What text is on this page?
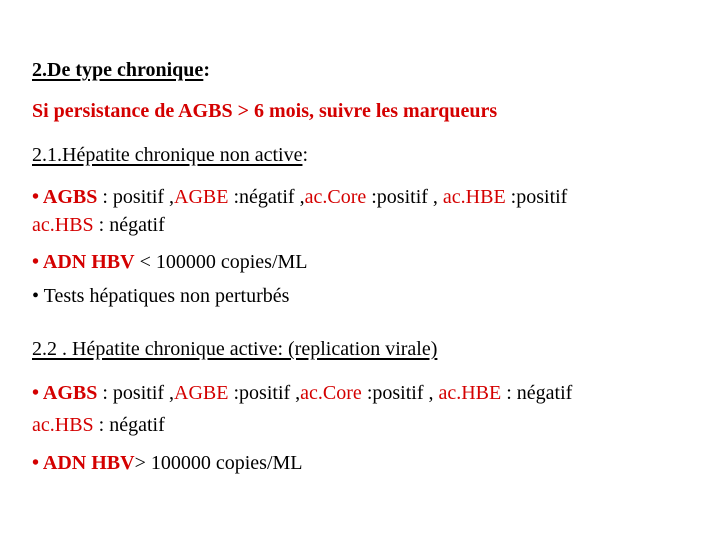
2.De type chronique:
Si persistance de AGBS > 6 mois, suivre les marqueurs
2.1.Hépatite chronique non active:
• AGBS : positif ,AGBE :négatif ,ac.Core :positif , ac.HBE :positif
ac.HBS : négatif
• ADN HBV < 100000 copies/ML
• Tests hépatiques non perturbés
2.2 . Hépatite chronique active: (replication virale)
• AGBS : positif ,AGBE :positif ,ac.Core :positif , ac.HBE : négatif
ac.HBS : négatif
• ADN HBV> 100000 copies/ML
